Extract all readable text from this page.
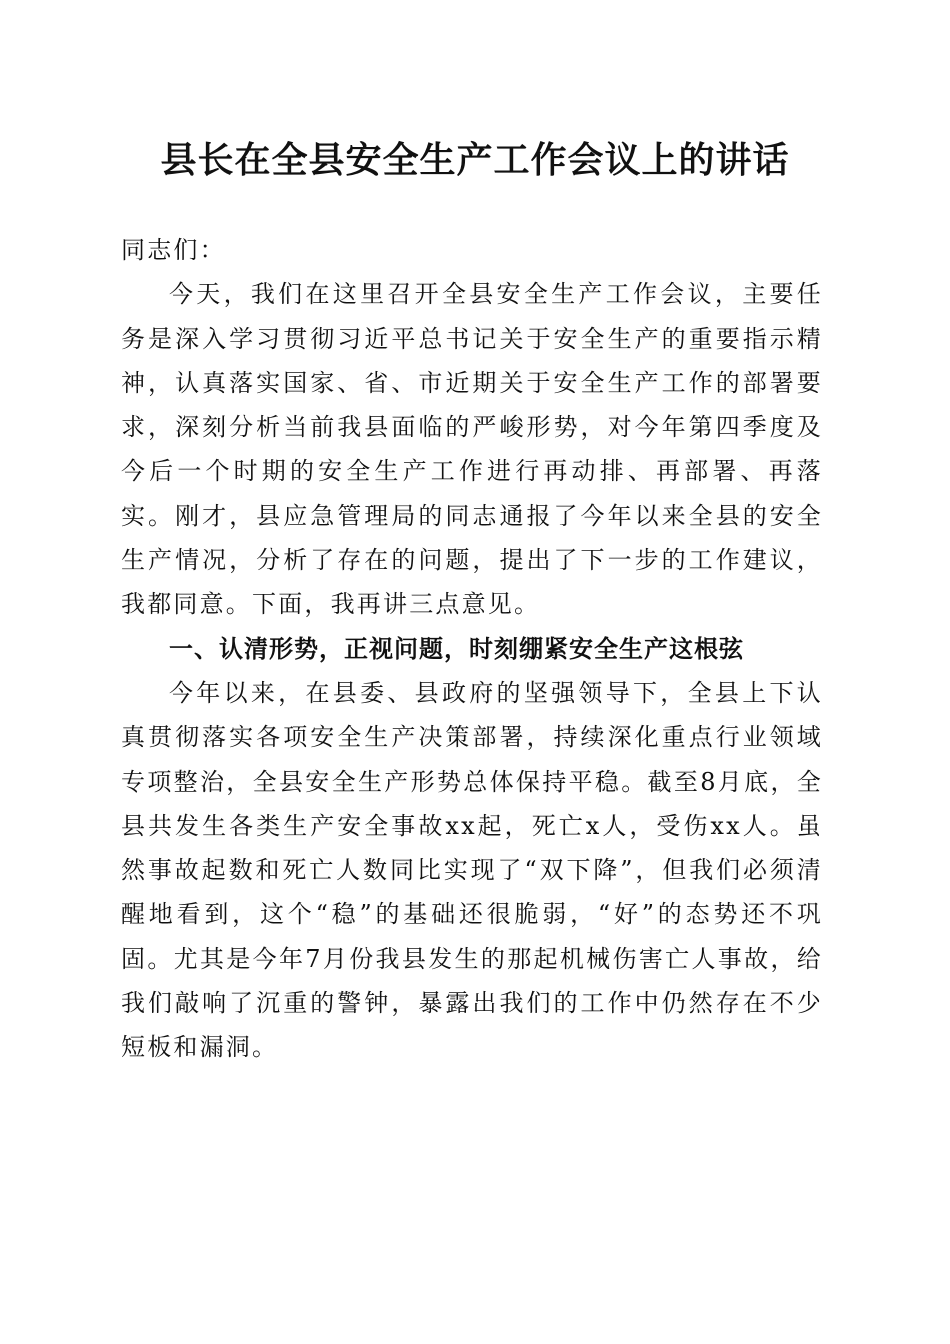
县长在全县安全生产工作会议上的讲话

同志们：

今天，我们在这里召开全县安全生产工作会议，主要任务是深入学习贯彻习近平总书记关于安全生产的重要指示精神，认真落实国家、省、市近期关于安全生产工作的部署要求，深刻分析当前我县面临的严峻形势，对今年第四季度及今后一个时期的安全生产工作进行再动排、再部署、再落实。刚才，县应急管理局的同志通报了今年以来全县的安全生产情况，分析了存在的问题，提出了下一步的工作建议，我都同意。下面，我再讲三点意见。

一、认清形势，正视问题，时刻绷紧安全生产这根弦

今年以来，在县委、县政府的坚强领导下，全县上下认真贯彻落实各项安全生产决策部署，持续深化重点行业领域专项整治，全县安全生产形势总体保持平稳。截至8月底，全县共发生各类生产安全事故xx起，死亡x人，受伤xx人。虽然事故起数和死亡人数同比实现了“双下降”，但我们必须清醒地看到，这个“稳”的基础还很脆弱，“好”的态势还不巩固。尤其是今年7月份我县发生的那起机械伤害亡人事故，给我们敲响了沉重的警钟，暴露出我们的工作中仍然存在不少短板和漏洞。
